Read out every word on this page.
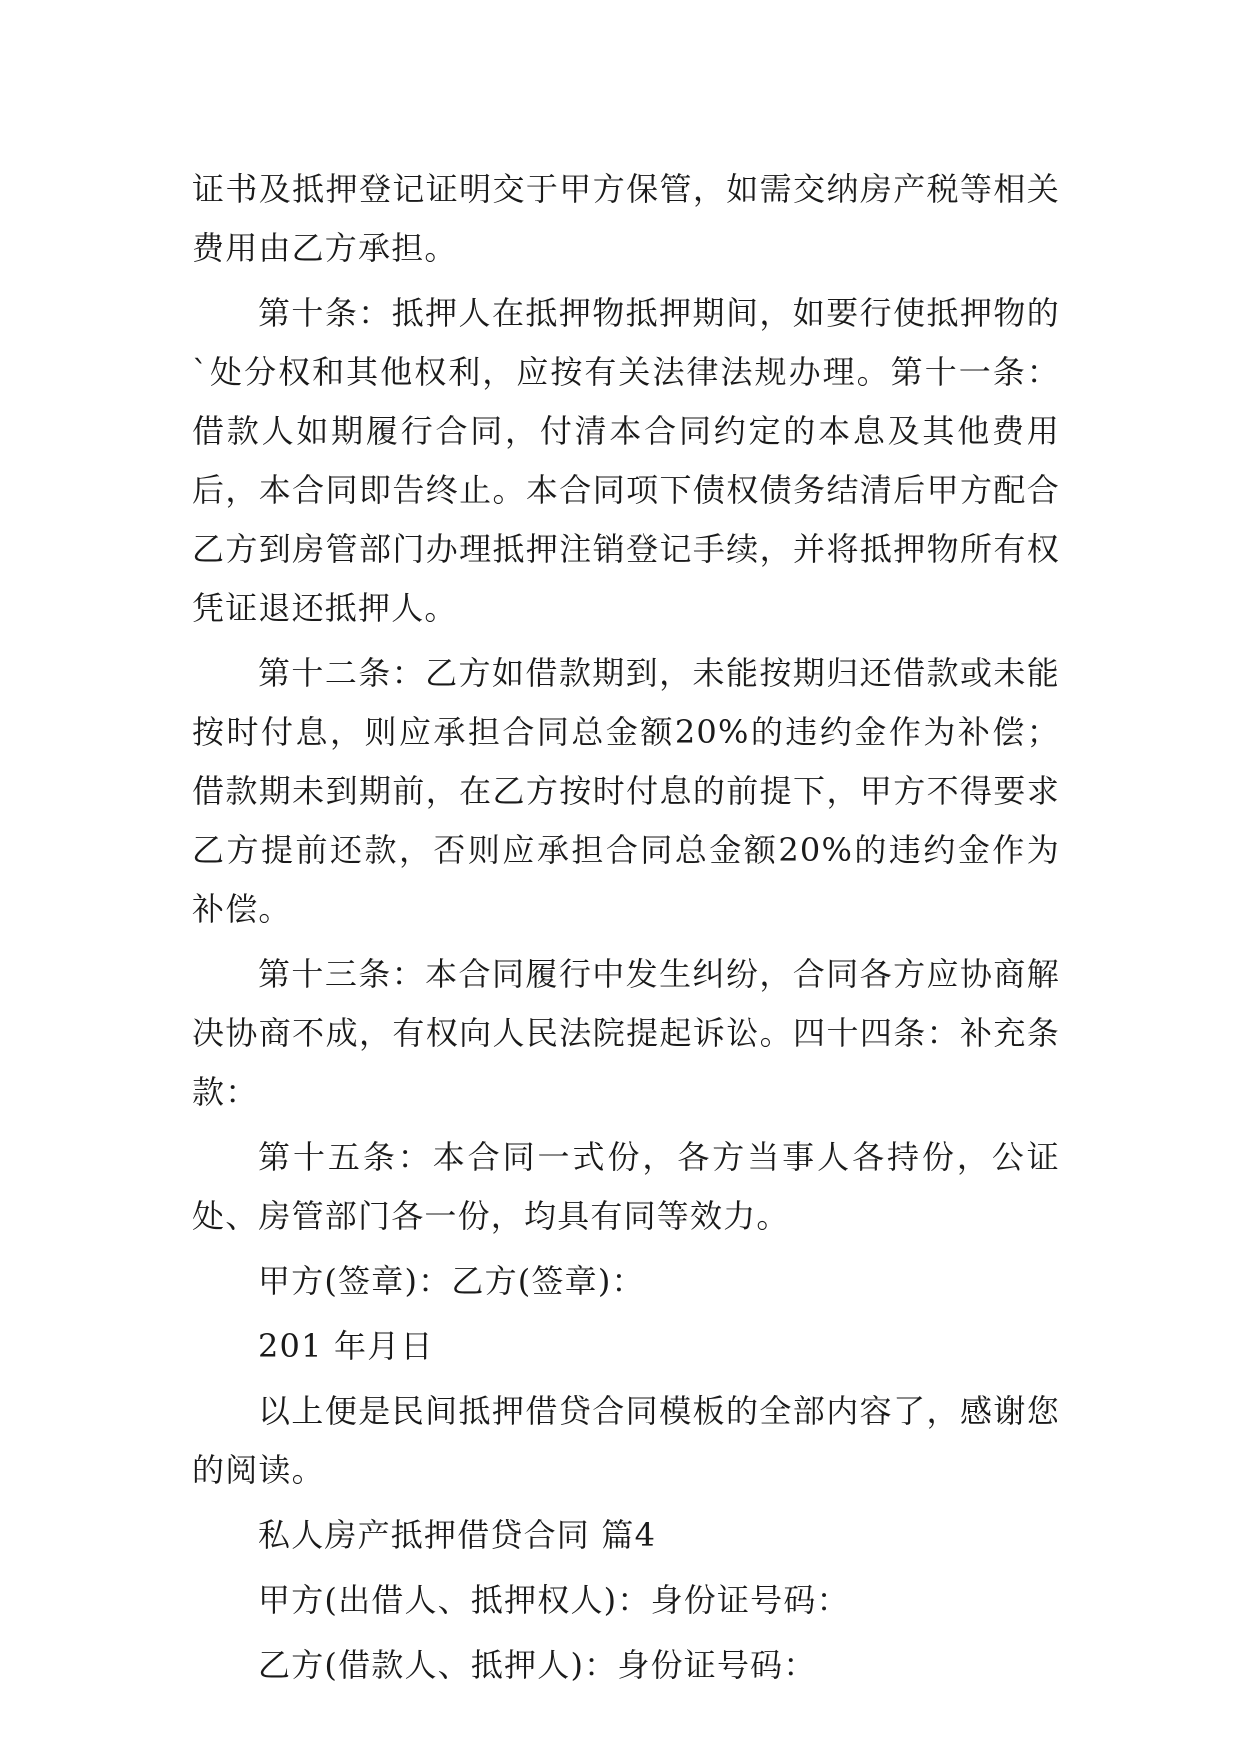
证书及抵押登记证明交于甲方保管，如需交纳房产税等相关费用由乙方承担。

第十条：抵押人在抵押物抵押期间，如要行使抵押物的`处分权和其他权利，应按有关法律法规办理。第十一条：借款人如期履行合同，付清本合同约定的本息及其他费用后，本合同即告终止。本合同项下债权债务结清后甲方配合乙方到房管部门办理抵押注销登记手续，并将抵押物所有权凭证退还抵押人。

第十二条：乙方如借款期到，未能按期归还借款或未能按时付息，则应承担合同总金额20%的违约金作为补偿；借款期未到期前，在乙方按时付息的前提下，甲方不得要求乙方提前还款，否则应承担合同总金额20%的违约金作为补偿。

第十三条：本合同履行中发生纠纷，合同各方应协商解决协商不成，有权向人民法院提起诉讼。四十四条：补充条款：

第十五条：本合同一式份，各方当事人各持份，公证处、房管部门各一份，均具有同等效力。

甲方(签章)：乙方(签章)：

201 年月日

以上便是民间抵押借贷合同模板的全部内容了，感谢您的阅读。

私人房产抵押借贷合同 篇4

甲方(出借人、抵押权人)：身份证号码：

乙方(借款人、抵押人)：身份证号码：
